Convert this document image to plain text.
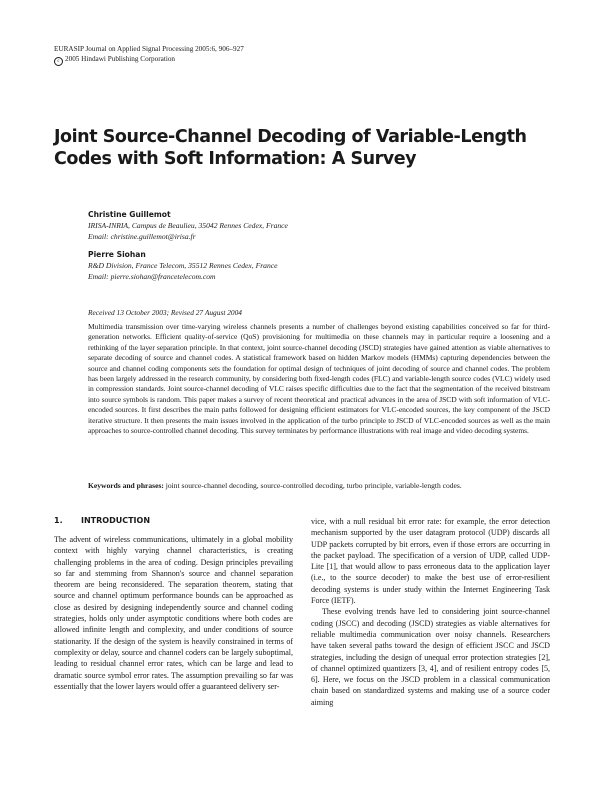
EURASIP Journal on Applied Signal Processing 2005:6, 906–927
c 2005 Hindawi Publishing Corporation
Joint Source-Channel Decoding of Variable-Length
Codes with Soft Information: A Survey
Christine Guillemot
IRISA-INRIA, Campus de Beaulieu, 35042 Rennes Cedex, France
Email: christine.guillemot@irisa.fr
Pierre Siohan
R&D Division, France Telecom, 35512 Rennes Cedex, France
Email: pierre.siohan@francetelecom.com
Received 13 October 2003; Revised 27 August 2004

Multimedia transmission over time-varying wireless channels presents a number of challenges beyond existing capabilities conceived so far for third-generation networks. Efficient quality-of-service (QoS) provisioning for multimedia on these channels may in particular require a loosening and a rethinking of the layer separation principle. In that context, joint source-channel decoding (JSCD) strategies have gained attention as viable alternatives to separate decoding of source and channel codes. A statistical framework based on hidden Markov models (HMMs) capturing dependencies between the source and channel coding components sets the foundation for optimal design of techniques of joint decoding of source and channel codes. The problem has been largely addressed in the research community, by considering both fixed-length codes (FLC) and variable-length source codes (VLC) widely used in compression standards. Joint source-channel decoding of VLC raises specific difficulties due to the fact that the segmentation of the received bitstream into source symbols is random. This paper makes a survey of recent theoretical and practical advances in the area of JSCD with soft information of VLC-encoded sources. It first describes the main paths followed for designing efficient estimators for VLC-encoded sources, the key component of the JSCD iterative structure. It then presents the main issues involved in the application of the turbo principle to JSCD of VLC-encoded sources as well as the main approaches to source-controlled channel decoding. This survey terminates by performance illustrations with real image and video decoding systems.

Keywords and phrases: joint source-channel decoding, source-controlled decoding, turbo principle, variable-length codes.
1. INTRODUCTION

The advent of wireless communications, ultimately in a global mobility context with highly varying channel characteristics, is creating challenging problems in the area of coding. Design principles prevailing so far and stemming from Shannon's source and channel separation theorem are being reconsidered. The separation theorem, stating that source and channel optimum performance bounds can be approached as close as desired by designing independently source and channel coding strategies, holds only under asymptotic conditions where both codes are allowed infinite length and complexity, and under conditions of source stationarity. If the design of the system is heavily constrained in terms of complexity or delay, source and channel coders can be largely suboptimal, leading to residual channel error rates, which can be large and lead to dramatic source symbol error rates. The assumption prevailing so far was essentially that the lower layers would offer a guaranteed delivery ser-

vice, with a null residual bit error rate: for example, the error detection mechanism supported by the user datagram protocol (UDP) discards all UDP packets corrupted by bit errors, even if those errors are occurring in the packet payload. The specification of a version of UDP, called UDP-Lite [1], that would allow to pass erroneous data to the application layer (i.e., to the source decoder) to make the best use of error-resilient decoding systems is under study within the Internet Engineering Task Force (IETF).

These evolving trends have led to considering joint source-channel coding (JSCC) and decoding (JSCD) strategies as viable alternatives for reliable multimedia communication over noisy channels. Researchers have taken several paths toward the design of efficient JSCC and JSCD strategies, including the design of unequal error protection strategies [2], of channel optimized quantizers [3, 4], and of resilient entropy codes [5, 6]. Here, we focus on the JSCD problem in a classical communication chain based on standardized systems and making use of a source coder aiming
